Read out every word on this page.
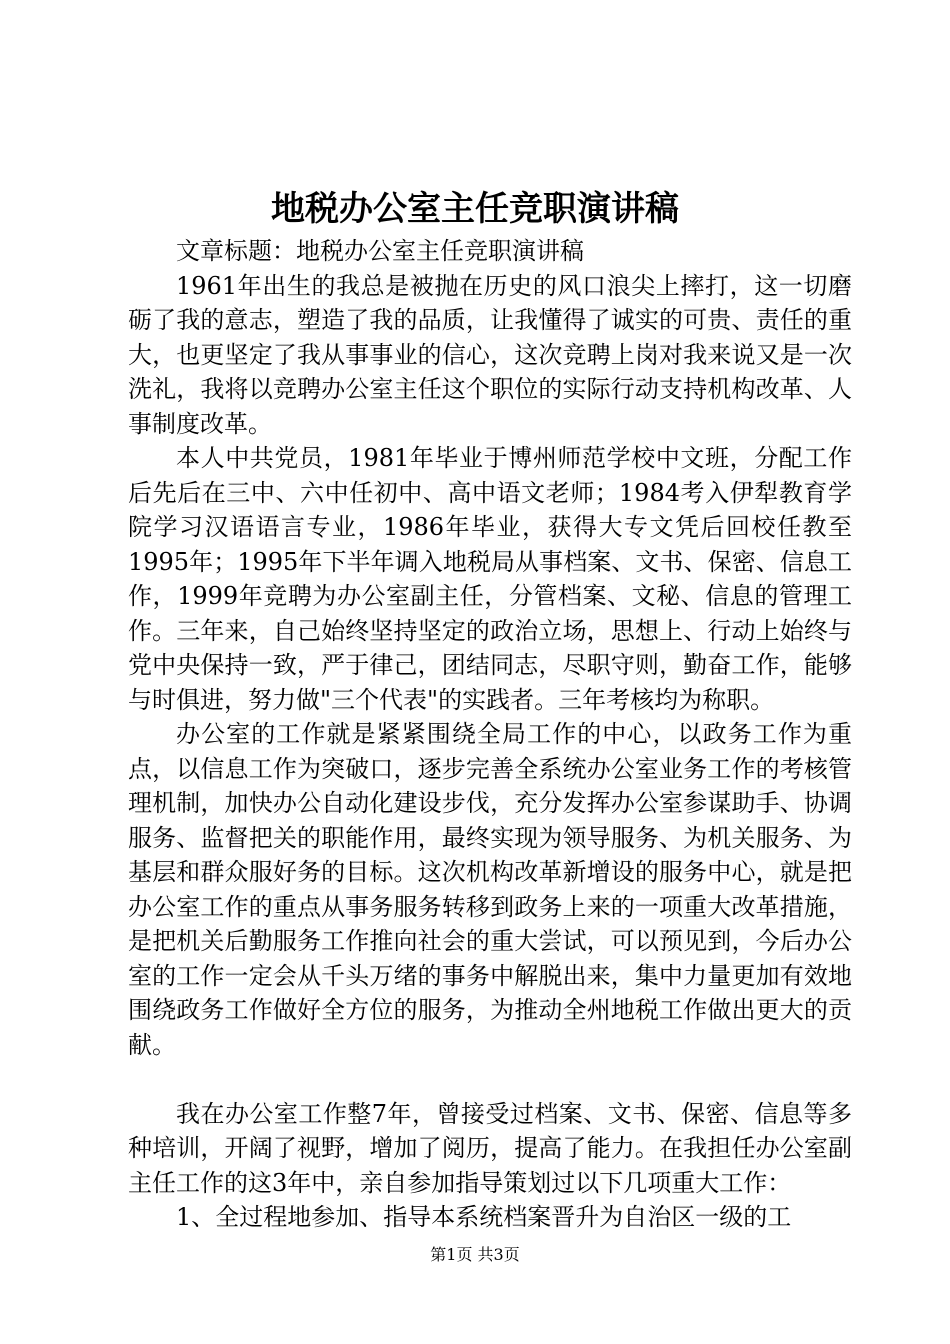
地税办公室主任竞职演讲稿

文章标题：地税办公室主任竞职演讲稿

1961年出生的我总是被抛在历史的风口浪尖上摔打，这一切磨砺了我的意志，塑造了我的品质，让我懂得了诚实的可贵、责任的重大，也更坚定了我从事事业的信心，这次竞聘上岗对我来说又是一次洗礼，我将以竞聘办公室主任这个职位的实际行动支持机构改革、人事制度改革。

本人中共党员，1981年毕业于博州师范学校中文班，分配工作后先后在三中、六中任初中、高中语文老师；1984考入伊犁教育学院学习汉语语言专业，1986年毕业，获得大专文凭后回校任教至1995年；1995年下半年调入地税局从事档案、文书、保密、信息工作，1999年竞聘为办公室副主任，分管档案、文秘、信息的管理工作。三年来，自己始终坚持坚定的政治立场，思想上、行动上始终与党中央保持一致，严于律己，团结同志，尽职守则，勤奋工作，能够与时俱进，努力做"三个代表"的实践者。三年考核均为称职。

办公室的工作就是紧紧围绕全局工作的中心，以政务工作为重点，以信息工作为突破口，逐步完善全系统办公室业务工作的考核管理机制，加快办公自动化建设步伐，充分发挥办公室参谋助手、协调服务、监督把关的职能作用，最终实现为领导服务、为机关服务、为基层和群众服好务的目标。这次机构改革新增设的服务中心，就是把办公室工作的重点从事务服务转移到政务上来的一项重大改革措施，是把机关后勤服务工作推向社会的重大尝试，可以预见到，今后办公室的工作一定会从千头万绪的事务中解脱出来，集中力量更加有效地围绕政务工作做好全方位的服务，为推动全州地税工作做出更大的贡献。

我在办公室工作整7年，曾接受过档案、文书、保密、信息等多种培训，开阔了视野，增加了阅历，提高了能力。在我担任办公室副主任工作的这3年中，亲自参加指导策划过以下几项重大工作：

1、全过程地参加、指导本系统档案晋升为自治区一级的工

第1页 共3页
